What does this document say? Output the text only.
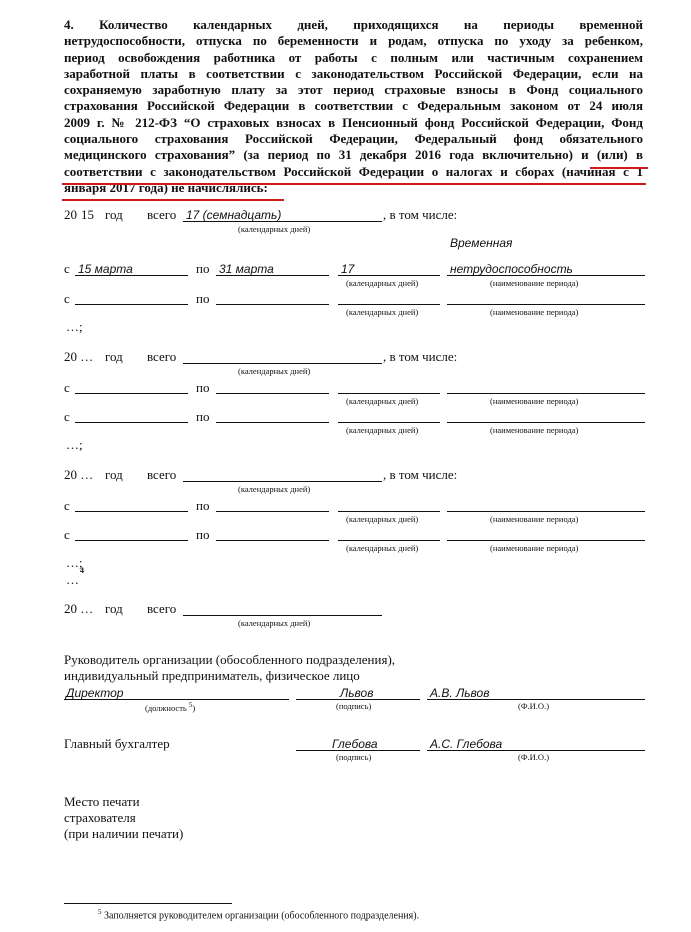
4. Количество календарных дней, приходящихся на периоды временной
нетрудоспособности, отпуска по беременности и родам, отпуска по уходу за ребенком,
период освобождения работника от работы с полным или частичным сохранением
заработной платы в соответствии с законодательством Российской Федерации, если на
сохраняемую заработную плату за этот период страховые взносы в Фонд социального
страхования Российской Федерации в соответствии с Федеральным законом от 24 июля
2009 г. № 212-ФЗ “О страховых взносах в Пенсионный фонд Российской Федерации, Фонд
социального страхования Российской Федерации, Федеральный фонд обязательного
медицинского страхования” (за период по 31 декабря 2016 года включительно) и (или) в
соответствии с законодательством Российской Федерации о налогах и сборах (начиная с 1
января 2017 года) не начислялись:
20 15 год всего 17 (семнадцать)	, в том числе:
(календарных дней)
Временная
с 15 марта	по 31 марта	17	нетрудоспособность
(календарных дней)	(наименование периода)
с	по
(календарных дней)	(наименование периода)
…;
20 … год всего	, в том числе:
(календарных дней)
с	по
(календарных дней)	(наименование периода)
с	по
(календарных дней)	(наименование периода)
…;
20 … год всего	, в том числе:
(календарных дней)
с	по
(календарных дней)	(наименование периода)
с	по
(календарных дней)	(наименование периода)
…;
4
…
20 … год всего
(календарных дней)
Руководитель организации (обособленного подразделения),
индивидуальный предприниматель, физическое лицо
Директор	Львов	А.В. Львов
(должность $^5$)	(подпись)	(Ф.И.О.)
Главный бухгалтер	Глебова	А.С. Глебова
(подпись)	(Ф.И.О.)
Место печати
страхователя
(при наличии печати)
$^5$ Заполняется руководителем организации (обособленного подразделения).
